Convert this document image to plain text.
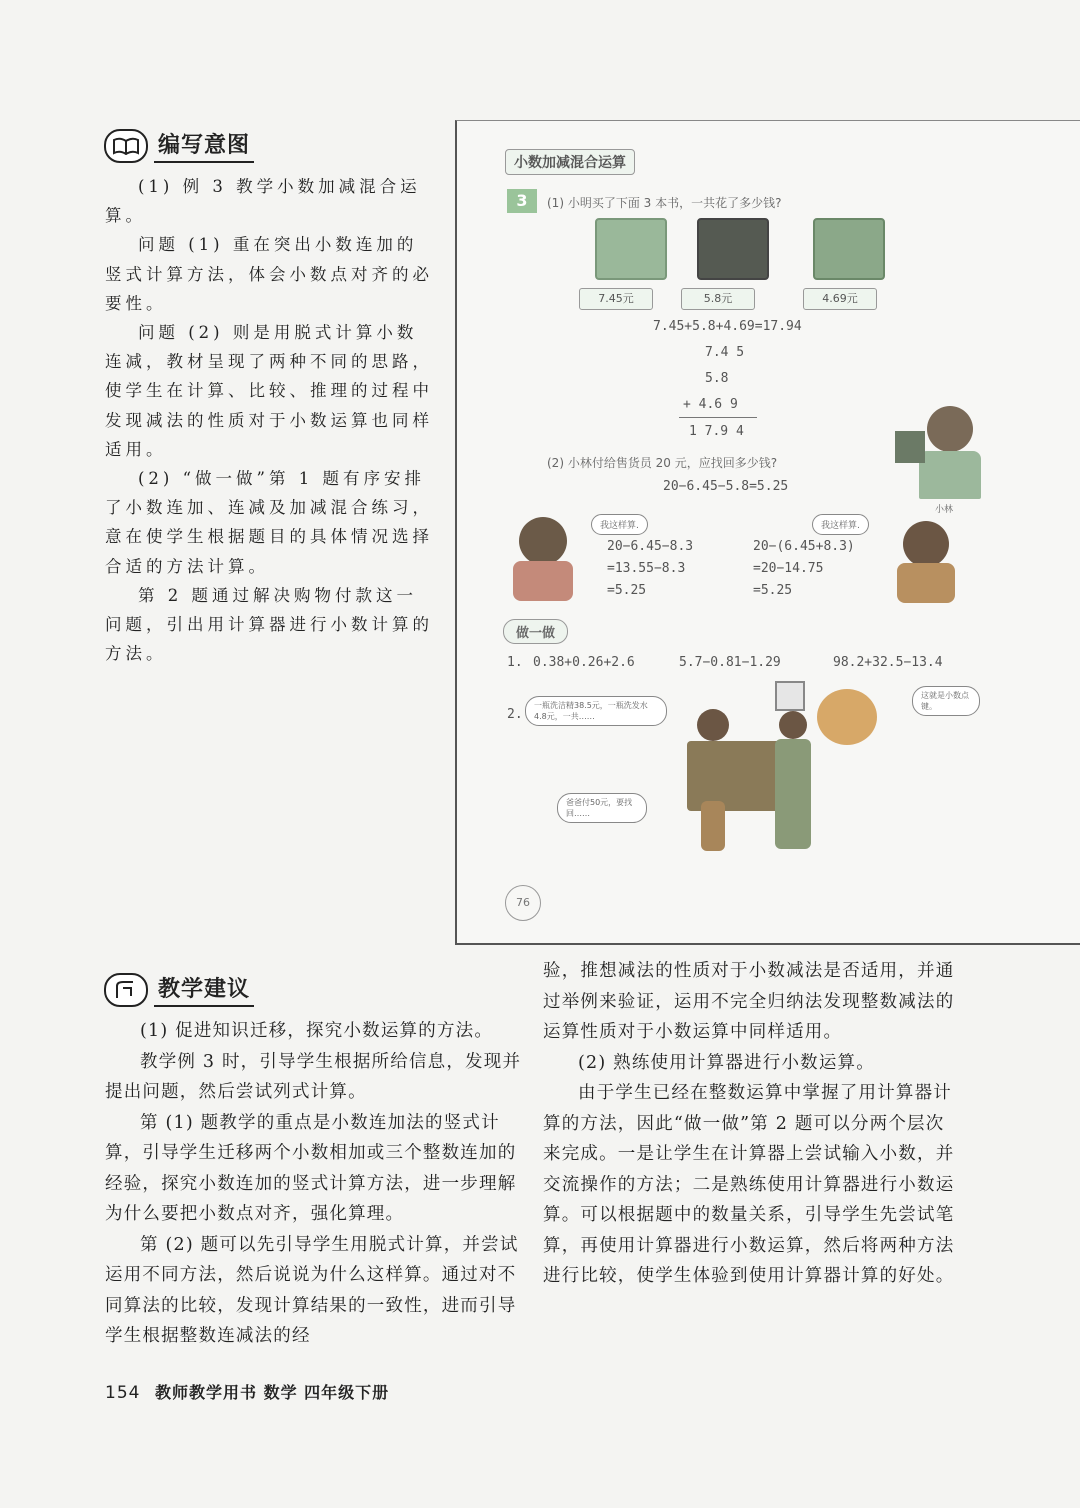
编写意图

(1) 例 3 教学小数加减混合运算。

问题 (1) 重在突出小数连加的竖式计算方法，体会小数点对齐的必要性。

问题 (2) 则是用脱式计算小数连减，教材呈现了两种不同的思路，使学生在计算、比较、推理的过程中发现减法的性质对于小数运算也同样适用。

(2) “做一做”第 1 题有序安排了小数连加、连减及加减混合练习，意在使学生根据题目的具体情况选择合适的方法计算。

第 2 题通过解决购物付款这一问题，引出用计算器进行小数计算的方法。

小数加减混合运算
3	(1) 小明买了下面 3 本书，一共花了多少钱?
7.45元	5.8元	4.69元
7.45+5.8+4.69=17.94
7.4 5
5.8
+ 4.6 9
1 7.9 4
小林
(2) 小林付给售货员 20 元，应找回多少钱?
20−6.45−5.8=5.25
我这样算.
20−6.45−8.3
=13.55−8.3
=5.25
我这样算.
20−(6.45+8.3)
=20−14.75
=5.25
做一做
1. 0.38+0.26+2.6	5.7−0.81−1.29	98.2+32.5−13.4
2.
一瓶洗洁精38.5元，一瓶洗发水4.8元，一共……
这就是小数点键。
爸爸付50元，要找回……
76
教学建议

(1) 促进知识迁移，探究小数运算的方法。

教学例 3 时，引导学生根据所给信息，发现并提出问题，然后尝试列式计算。

第 (1) 题教学的重点是小数连加法的竖式计算，引导学生迁移两个小数相加或三个整数连加的经验，探究小数连加的竖式计算方法，进一步理解为什么要把小数点对齐，强化算理。

第 (2) 题可以先引导学生用脱式计算，并尝试运用不同方法，然后说说为什么这样算。通过对不同算法的比较，发现计算结果的一致性，进而引导学生根据整数连减法的经

验，推想减法的性质对于小数减法是否适用，并通过举例来验证，运用不完全归纳法发现整数减法的运算性质对于小数运算中同样适用。

(2) 熟练使用计算器进行小数运算。

由于学生已经在整数运算中掌握了用计算器计算的方法，因此“做一做”第 2 题可以分两个层次来完成。一是让学生在计算器上尝试输入小数，并交流操作的方法；二是熟练使用计算器进行小数运算。可以根据题中的数量关系，引导学生先尝试笔算，再使用计算器进行小数运算，然后将两种方法进行比较，使学生体验到使用计算器计算的好处。

154 教师教学用书 数学 四年级下册
